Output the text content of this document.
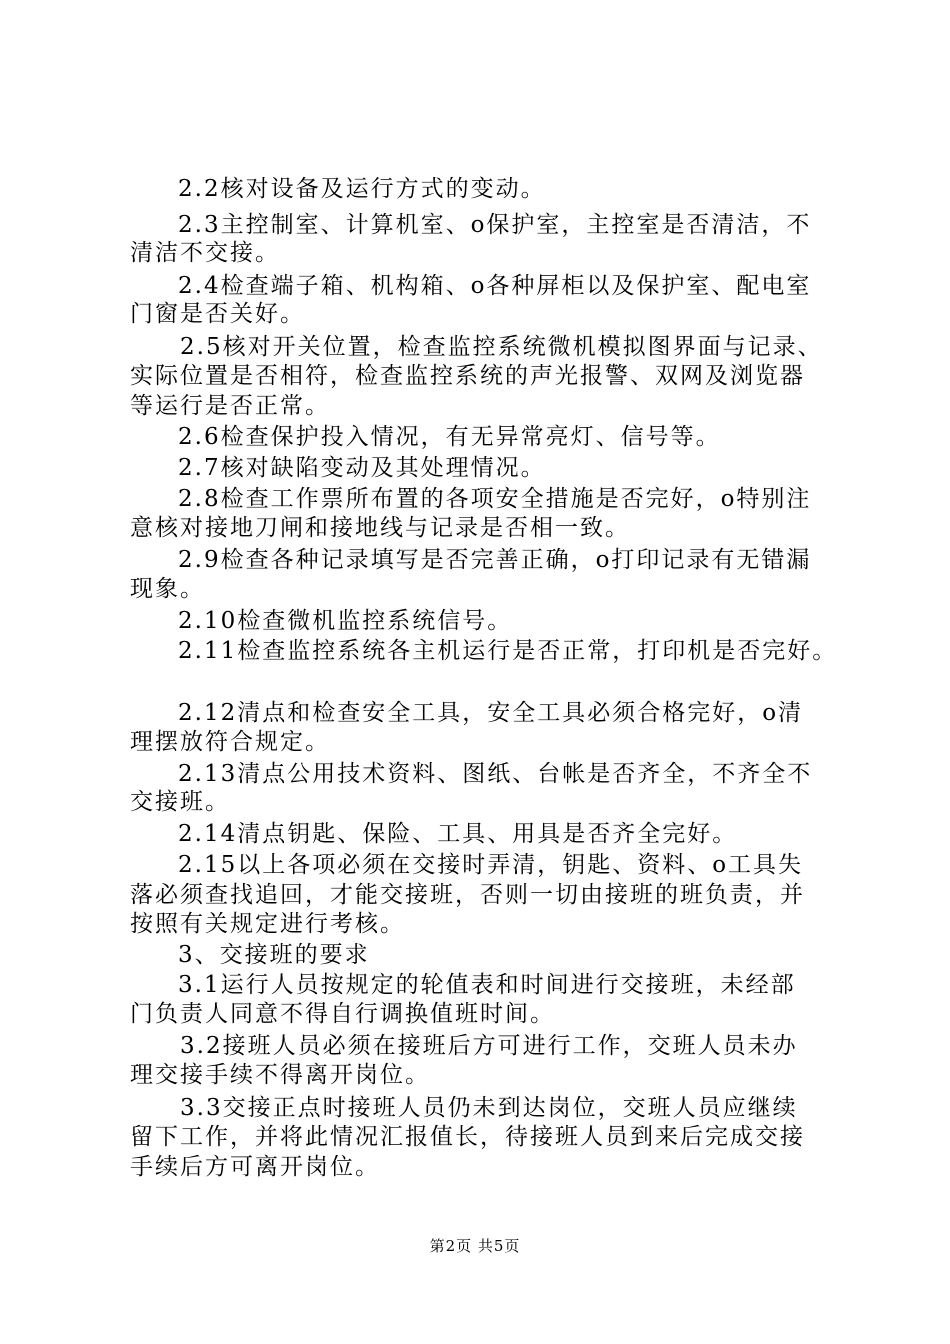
2.2核对设备及运行方式的变动。
2.3主控制室、计算机室、o保护室，主控室是否清洁，不
清洁不交接。
2.4检查端子箱、机构箱、o各种屏柜以及保护室、配电室
门窗是否关好。
2.5核对开关位置，检查监控系统微机模拟图界面与记录、
实际位置是否相符，检查监控系统的声光报警、双网及浏览器
等运行是否正常。
2.6检查保护投入情况，有无异常亮灯、信号等。
2.7核对缺陷变动及其处理情况。
2.8检查工作票所布置的各项安全措施是否完好，o特别注
意核对接地刀闸和接地线与记录是否相一致。
2.9检查各种记录填写是否完善正确，o打印记录有无错漏
现象。
2.10检查微机监控系统信号。
2.11检查监控系统各主机运行是否正常，打印机是否完好。
2.12清点和检查安全工具，安全工具必须合格完好，o清
理摆放符合规定。
2.13清点公用技术资料、图纸、台帐是否齐全，不齐全不
交接班。
2.14清点钥匙、保险、工具、用具是否齐全完好。
2.15以上各项必须在交接时弄清，钥匙、资料、o工具失
落必须查找追回，才能交接班，否则一切由接班的班负责，并
按照有关规定进行考核。
3、交接班的要求
3.1运行人员按规定的轮值表和时间进行交接班，未经部
门负责人同意不得自行调换值班时间。
3.2接班人员必须在接班后方可进行工作，交班人员未办
理交接手续不得离开岗位。
3.3交接正点时接班人员仍未到达岗位，交班人员应继续
留下工作，并将此情况汇报值长，待接班人员到来后完成交接
手续后方可离开岗位。
第2页 共5页
